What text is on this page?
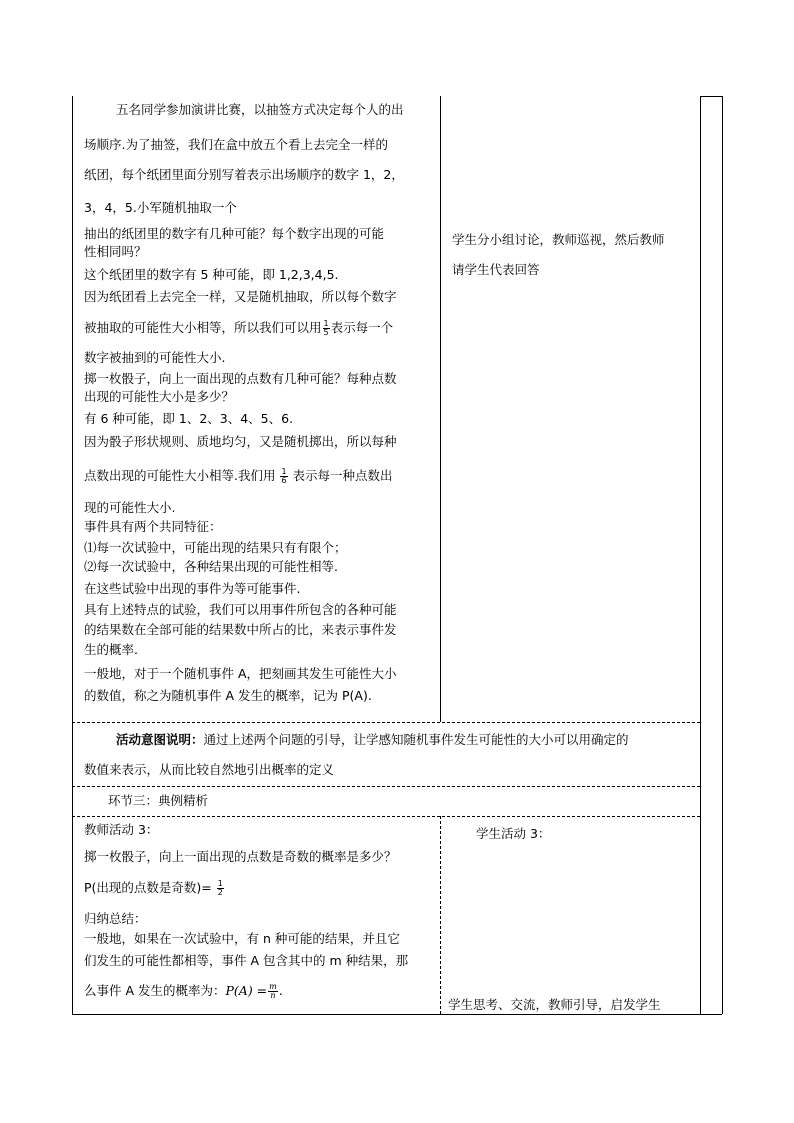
五名同学参加演讲比赛，以抽签方式决定每个人的出
场顺序.为了抽签，我们在盒中放五个看上去完全一样的
纸团，每个纸团里面分别写着表示出场顺序的数字 1，2，
3，4，5.小军随机抽取一个
抽出的纸团里的数字有几种可能？每个数字出现的可能
性相同吗？
这个纸团里的数字有 5 种可能，即 1,2,3,4,5.
因为纸团看上去完全一样，又是随机抽取，所以每个数字
被抽取的可能性大小相等，所以我们可以用 $\frac{1}{5}$ 表示每一个
数字被抽到的可能性大小.
掷一枚骰子，向上一面出现的点数有几种可能？每种点数
出现的可能性大小是多少？
有 6 种可能，即 1、2、3、4、5、6.
因为骰子形状规则、质地均匀，又是随机掷出，所以每种
点数出现的可能性大小相等.我们用 $\frac{1}{6}$ 表示每一种点数出
现的可能性大小.
事件具有两个共同特征：
⑴每一次试验中，可能出现的结果只有有限个；
⑵每一次试验中，各种结果出现的可能性相等.
在这些试验中出现的事件为等可能事件.
具有上述特点的试验，我们可以用事件所包含的各种可能
的结果数在全部可能的结果数中所占的比，来表示事件发
生的概率.
一般地，对于一个随机事件 A，把刻画其发生可能性大小
的数值，称之为随机事件 A 发生的概率，记为 P(A).
学生分小组讨论，教师巡视，然后教师
请学生代表回答
活动意图说明：通过上述两个问题的引导，让学感知随机事件发生可能性的大小可以用确定的
数值来表示，从而比较自然地引出概率的定义
环节三：典例精析
教师活动 3：
掷一枚骰子，向上一面出现的点数是奇数的概率是多少？
P(出现的点数是奇数)= $\frac{1}{2}$
归纳总结：
一般地，如果在一次试验中，有 n 种可能的结果，并且它
们发生的可能性都相等，事件 A 包含其中的 m 种结果，那
么事件 A 发生的概率为：$P(A) = \frac{m}{n}$ .
学生活动 3：
学生思考、交流，教师引导，启发学生
